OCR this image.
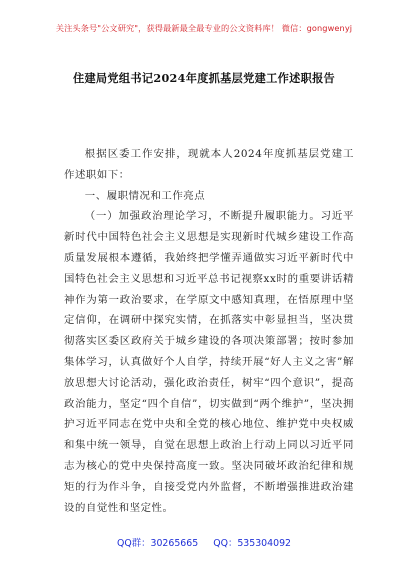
关注头条号"公文研究"，获得最新最全最专业的公文资料库！ 微信：gongwenyj
住建局党组书记2024年度抓基层党建工作述职报告

根据区委工作安排，现就本人2024年度抓基层党建工作述职如下：

一、履职情况和工作亮点

（一）加强政治理论学习，不断提升履职能力。习近平新时代中国特色社会主义思想是实现新时代城乡建设工作高质量发展根本遵循，我始终把学懂弄通做实习近平新时代中国特色社会主义思想和习近平总书记视察xx时的重要讲话精神作为第一政治要求，在学原文中感知真理，在悟原理中坚定信仰，在调研中探究实情，在抓落实中彰显担当，坚决贯彻落实区委区政府关于城乡建设的各项决策部署；按时参加集体学习，认真做好个人自学，持续开展“好人主义之害”解放思想大讨论活动，强化政治责任，树牢“四个意识”，提高政治能力，坚定“四个自信”，切实做到“两个维护”，坚决拥护习近平同志在党中央和全党的核心地位、维护党中央权威和集中统一领导，自觉在思想上政治上行动上同以习近平同志为核心的党中央保持高度一致。坚决同破坏政治纪律和规矩的行为作斗争，自接受党内外监督，不断增强推进政治建设的自觉性和坚定性。

QQ群：30265665 QQ：535304092
